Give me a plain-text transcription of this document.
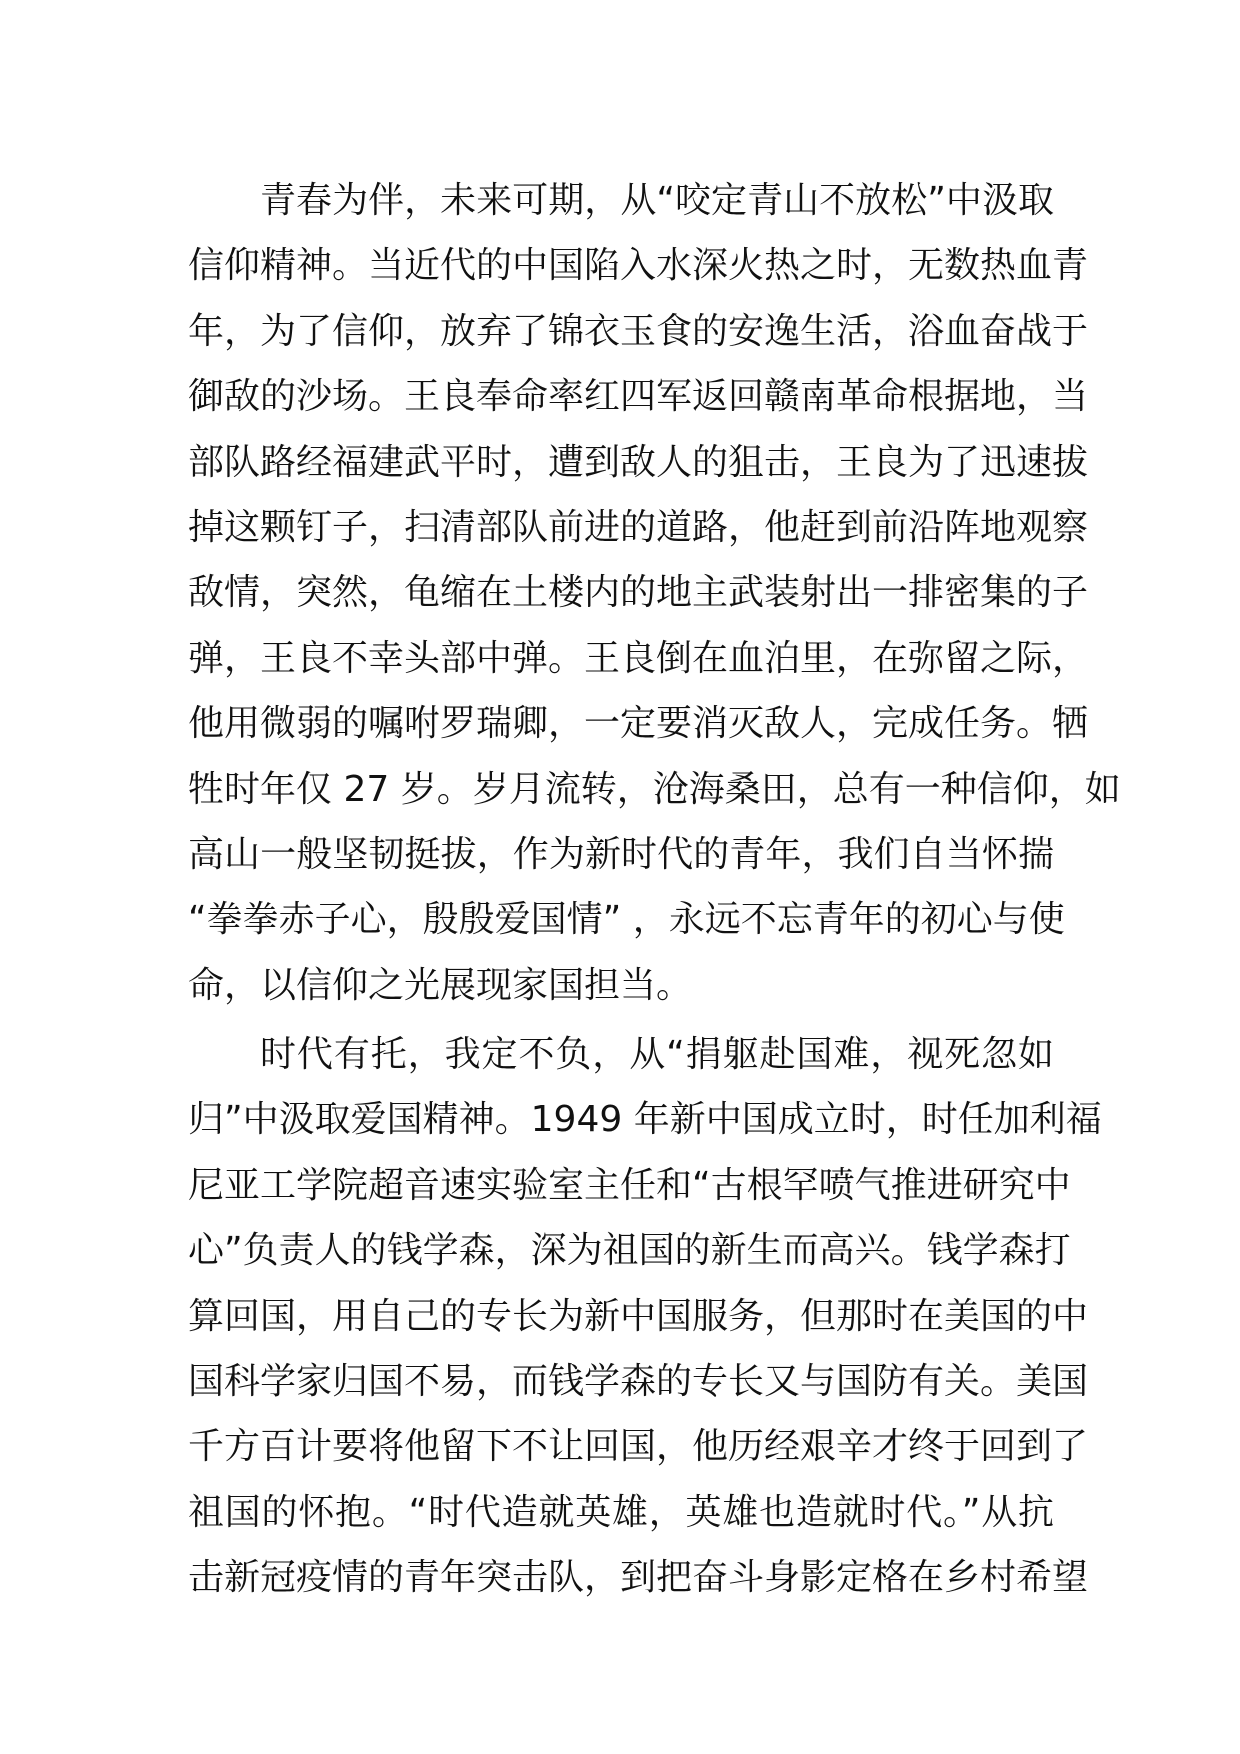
青春为伴，未来可期，从“咬定青山不放松”中汲取
信仰精神。当近代的中国陷入水深火热之时，无数热血青
年，为了信仰，放弃了锦衣玉食的安逸生活，浴血奋战于
御敌的沙场。王良奉命率红四军返回赣南革命根据地，当
部队路经福建武平时，遭到敌人的狙击，王良为了迅速拔
掉这颗钉子，扫清部队前进的道路，他赶到前沿阵地观察
敌情，突然，龟缩在土楼内的地主武装射出一排密集的子
弹，王良不幸头部中弹。王良倒在血泊里，在弥留之际，
他用微弱的嘱咐罗瑞卿，一定要消灭敌人，完成任务。牺
牲时年仅 27 岁。岁月流转，沧海桑田，总有一种信仰，如
高山一般坚韧挺拔，作为新时代的青年，我们自当怀揣
“拳拳赤子心，殷殷爱国情” ，永远不忘青年的初心与使
命，以信仰之光展现家国担当。
时代有托，我定不负，从“捐躯赴国难，视死忽如
归”中汲取爱国精神。1949 年新中国成立时，时任加利福
尼亚工学院超音速实验室主任和“古根罕喷气推进研究中
心”负责人的钱学森，深为祖国的新生而高兴。钱学森打
算回国，用自己的专长为新中国服务，但那时在美国的中
国科学家归国不易，而钱学森的专长又与国防有关。美国
千方百计要将他留下不让回国，他历经艰辛才终于回到了
祖国的怀抱。“时代造就英雄，英雄也造就时代。”从抗
击新冠疫情的青年突击队，到把奋斗身影定格在乡村希望
